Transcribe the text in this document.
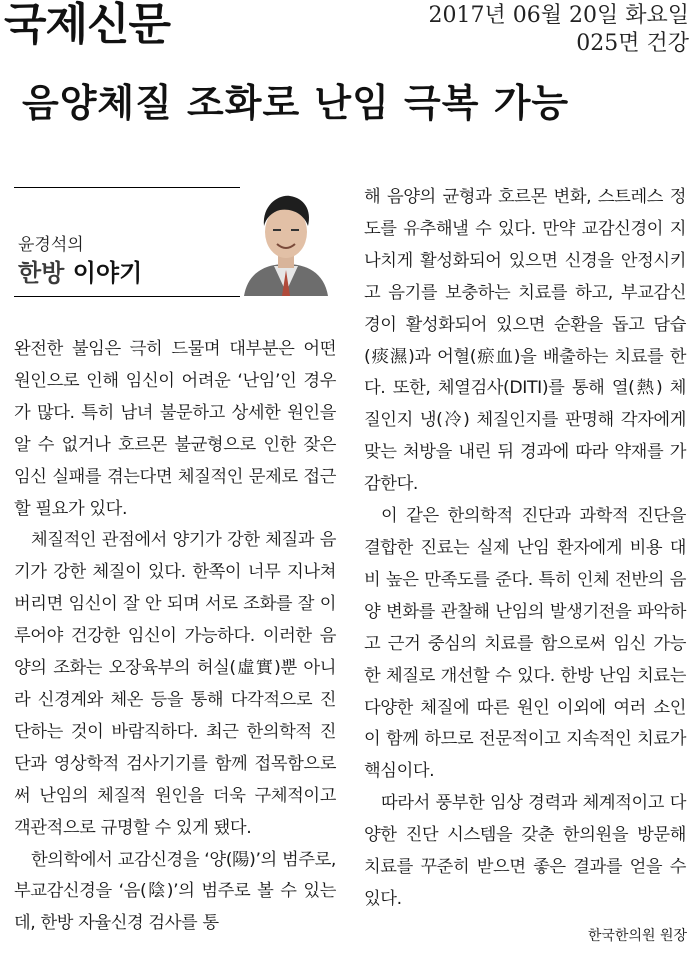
국제신문	2017년 06월 20일 화요일
025면 건강
음양체질 조화로 난임 극복 가능
윤경석의
한방 이야기

완전한 불임은 극히 드물며 대부분은 어떤 원인으로 인해 임신이 어려운 ‘난임’인 경우가 많다. 특히 남녀 불문하고 상세한 원인을 알 수 없거나 호르몬 불균형으로 인한 잦은 임신 실패를 겪는다면 체질적인 문제로 접근할 필요가 있다.

체질적인 관점에서 양기가 강한 체질과 음기가 강한 체질이 있다. 한쪽이 너무 지나쳐버리면 임신이 잘 안 되며 서로 조화를 잘 이루어야 건강한 임신이 가능하다. 이러한 음양의 조화는 오장육부의 허실(虛實)뿐 아니라 신경계와 체온 등을 통해 다각적으로 진단하는 것이 바람직하다. 최근 한의학적 진단과 영상학적 검사기기를 함께 접목함으로써 난임의 체질적 원인을 더욱 구체적이고 객관적으로 규명할 수 있게 됐다.

한의학에서 교감신경을 ‘양(陽)’의 범주로, 부교감신경을 ‘음(陰)’의 범주로 볼 수 있는데, 한방 자율신경 검사를 통

해 음양의 균형과 호르몬 변화, 스트레스 정도를 유추해낼 수 있다. 만약 교감신경이 지나치게 활성화되어 있으면 신경을 안정시키고 음기를 보충하는 치료를 하고, 부교감신경이 활성화되어 있으면 순환을 돕고 담습(痰濕)과 어혈(瘀血)을 배출하는 치료를 한다. 또한, 체열검사(DITI)를 통해 열(熱) 체질인지 냉(冷) 체질인지를 판명해 각자에게 맞는 처방을 내린 뒤 경과에 따라 약재를 가감한다.

이 같은 한의학적 진단과 과학적 진단을 결합한 진료는 실제 난임 환자에게 비용 대비 높은 만족도를 준다. 특히 인체 전반의 음양 변화를 관찰해 난임의 발생기전을 파악하고 근거 중심의 치료를 함으로써 임신 가능한 체질로 개선할 수 있다. 한방 난임 치료는 다양한 체질에 따른 원인 이외에 여러 소인이 함께 하므로 전문적이고 지속적인 치료가 핵심이다.

따라서 풍부한 임상 경력과 체계적이고 다양한 진단 시스템을 갖춘 한의원을 방문해 치료를 꾸준히 받으면 좋은 결과를 얻을 수 있다.

한국한의원 원장
